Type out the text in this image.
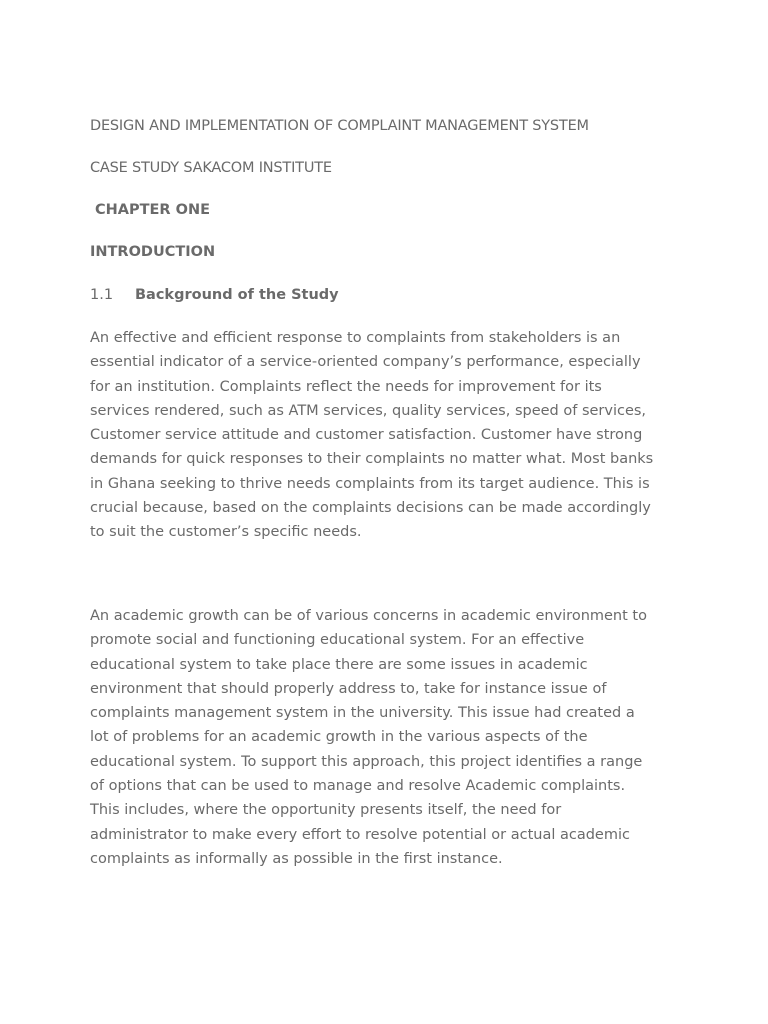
DESIGN AND IMPLEMENTATION OF COMPLAINT MANAGEMENT SYSTEM
CASE STUDY SAKACOM INSTITUTE
CHAPTER ONE
INTRODUCTION
1.1 Background of the Study
An effective and efficient response to complaints from stakeholders is an
essential indicator of a service-oriented company’s performance, especially
for an institution. Complaints reflect the needs for improvement for its
services rendered, such as ATM services, quality services, speed of services,
Customer service attitude and customer satisfaction. Customer have strong
demands for quick responses to their complaints no matter what. Most banks
in Ghana seeking to thrive needs complaints from its target audience. This is
crucial because, based on the complaints decisions can be made accordingly
to suit the customer’s specific needs.
An academic growth can be of various concerns in academic environment to
promote social and functioning educational system. For an effective
educational system to take place there are some issues in academic
environment that should properly address to, take for instance issue of
complaints management system in the university. This issue had created a
lot of problems for an academic growth in the various aspects of the
educational system. To support this approach, this project identifies a range
of options that can be used to manage and resolve Academic complaints.
This includes, where the opportunity presents itself, the need for
administrator to make every effort to resolve potential or actual academic
complaints as informally as possible in the first instance.
